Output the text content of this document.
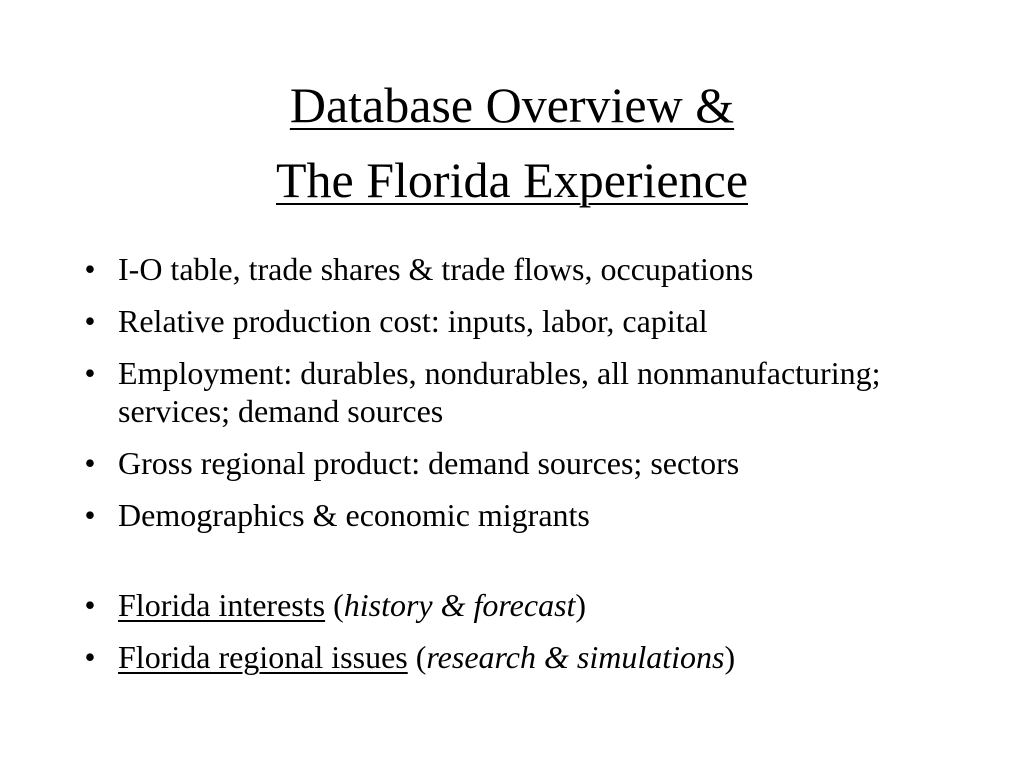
Database Overview &
The Florida Experience
• I-O table, trade shares & trade flows, occupations
• Relative production cost: inputs, labor, capital
• Employment: durables, nondurables, all nonmanufacturing; services; demand sources
• Gross regional product: demand sources; sectors
• Demographics & economic migrants
• Florida interests (history & forecast)
• Florida regional issues (research & simulations)
